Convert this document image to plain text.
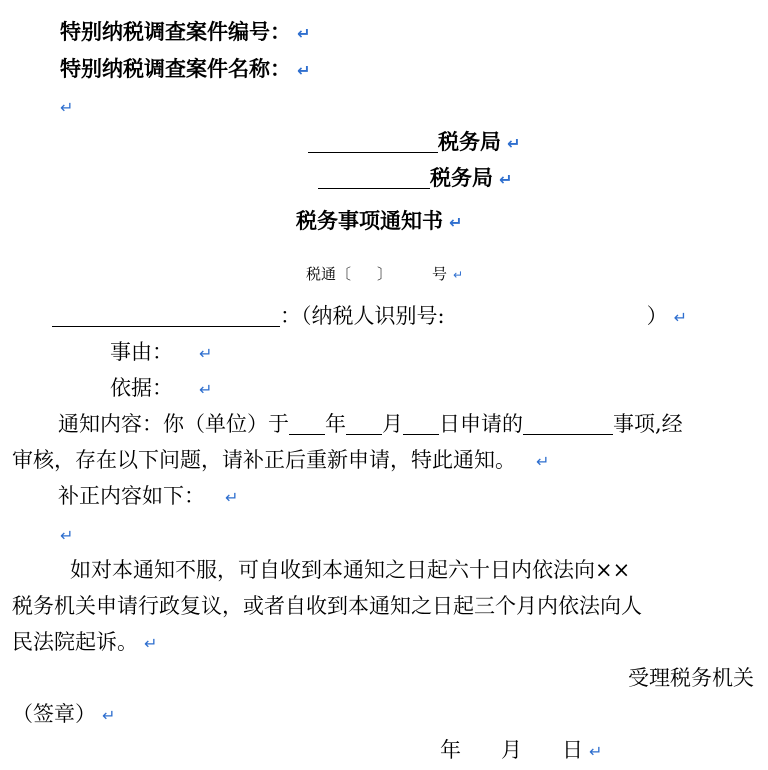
特别纳税调查案件编号： ↵
特别纳税调查案件名称： ↵
↵
税务局 ↵
税务局 ↵
税务事项通知书 ↵
税通〔 〕	号 ↵
：（纳税人识别号:	） ↵
事由： ↵
依据： ↵
通知内容：你（单位）于 年 月 日申请的	事项,经
审核，存在以下问题，请补正后重新申请，特此通知。 ↵
补正内容如下： ↵
↵
如对本通知不服，可自收到本通知之日起六十日内依法向××
税务机关申请行政复议，或者自收到本通知之日起三个月内依法向人
民法院起诉。 ↵
受理税务机关
（签章） ↵
年 月 日 ↵
